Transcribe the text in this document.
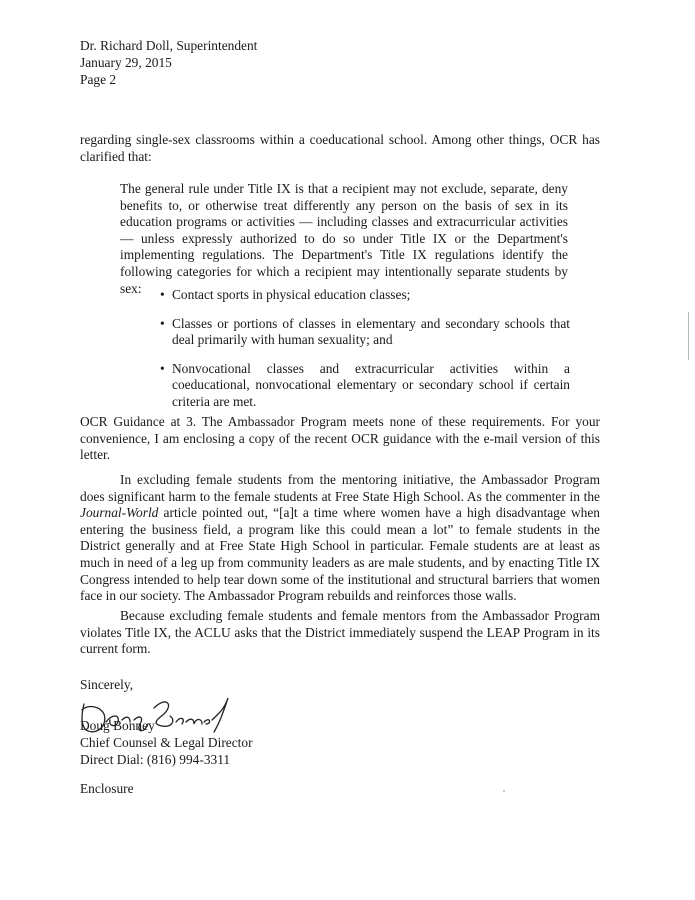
Dr. Richard Doll, Superintendent
January 29, 2015
Page 2

regarding single-sex classrooms within a coeducational school. Among other things, OCR has clarified that:

The general rule under Title IX is that a recipient may not exclude, separate, deny benefits to, or otherwise treat differently any person on the basis of sex in its education programs or activities — including classes and extracurricular activities — unless expressly authorized to do so under Title IX or the Department's implementing regulations. The Department's Title IX regulations identify the following categories for which a recipient may intentionally separate students by sex:

•	Contact sports in physical education classes;
• Classes or portions of classes in elementary and secondary schools that deal primarily with human sexuality; and
• Nonvocational classes and extracurricular activities within a coeducational, nonvocational elementary or secondary school if certain criteria are met.

OCR Guidance at 3. The Ambassador Program meets none of these requirements. For your convenience, I am enclosing a copy of the recent OCR guidance with the e-mail version of this letter.

In excluding female students from the mentoring initiative, the Ambassador Program does significant harm to the female students at Free State High School. As the commenter in the Journal-World article pointed out, “[a]t a time where women have a high disadvantage when entering the business field, a program like this could mean a lot” to female students in the District generally and at Free State High School in particular. Female students are at least as much in need of a leg up from community leaders as are male students, and by enacting Title IX Congress intended to help tear down some of the institutional and structural barriers that women face in our society. The Ambassador Program rebuilds and reinforces those walls.

Because excluding female students and female mentors from the Ambassador Program violates Title IX, the ACLU asks that the District immediately suspend the LEAP Program in its current form.

Sincerely,
Doug Bonney
Chief Counsel & Legal Director
Direct Dial: (816) 994-3311
Enclosure
